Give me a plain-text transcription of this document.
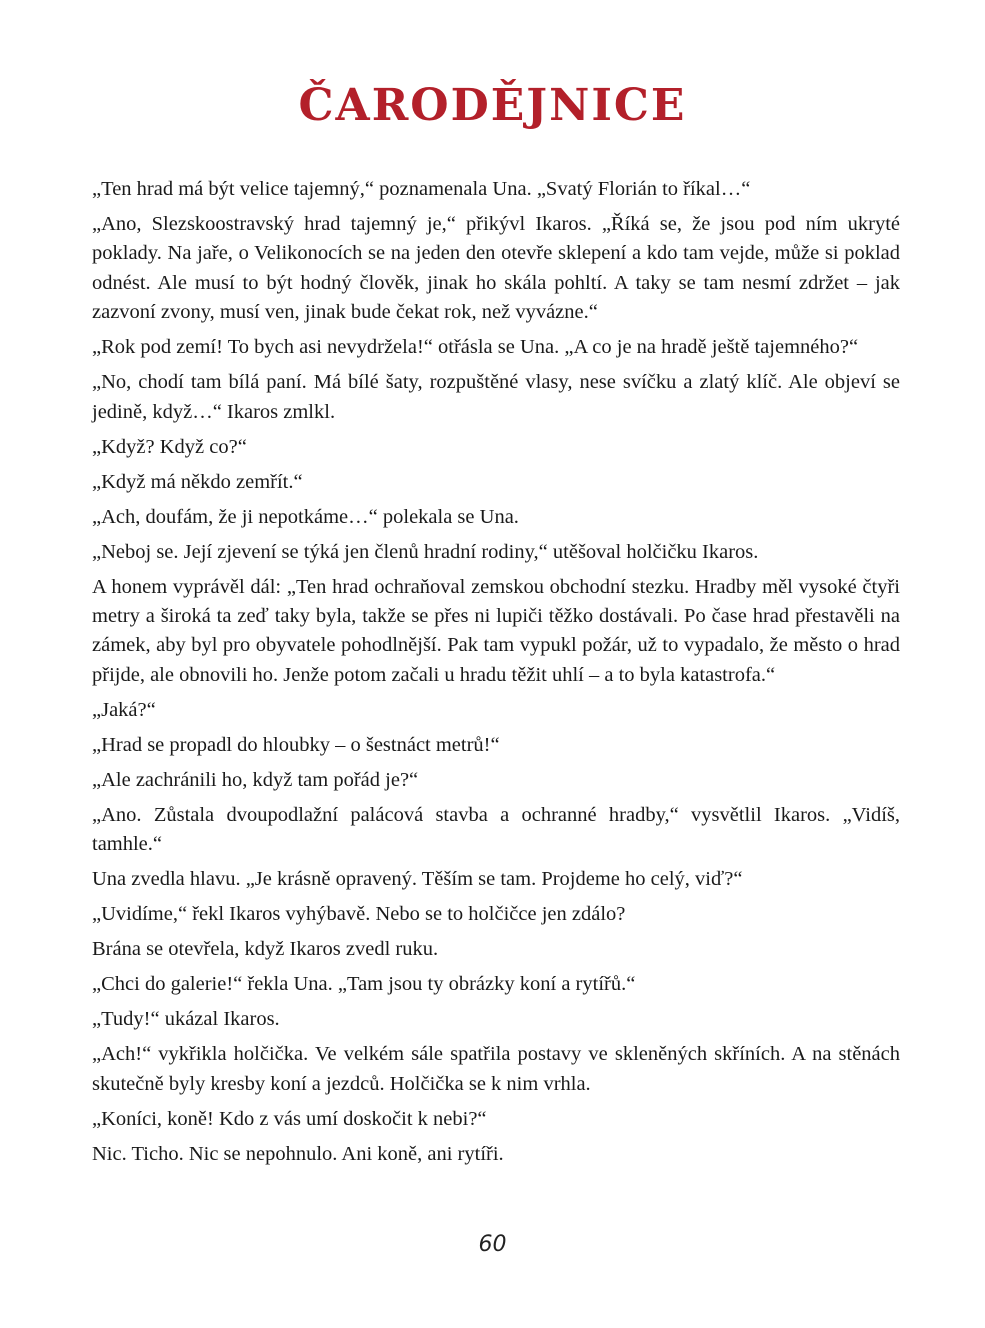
ČARODĚJNICE

„Ten hrad má být velice tajemný,“ poznamenala Una. „Svatý Florián to říkal…“

„Ano, Slezskoostravský hrad tajemný je,“ přikývl Ikaros. „Říká se, že jsou pod ním ukryté poklady. Na jaře, o Velikonocích se na jeden den otevře sklepení a kdo tam vejde, může si poklad odnést. Ale musí to být hodný člověk, jinak ho skála pohltí. A taky se tam nesmí zdržet – jak zazvoní zvony, musí ven, jinak bude čekat rok, než vyvázne.“

„Rok pod zemí! To bych asi nevydržela!“ otřásla se Una. „A co je na hradě ještě tajemného?“

„No, chodí tam bílá paní. Má bílé šaty, rozpuštěné vlasy, nese svíčku a zlatý klíč. Ale objeví se jedině, když…“ Ikaros zmlkl.

„Když? Když co?“

„Když má někdo zemřít.“

„Ach, doufám, že ji nepotkáme…“ polekala se Una.

„Neboj se. Její zjevení se týká jen členů hradní rodiny,“ utěšoval holčičku Ikaros.

A honem vyprávěl dál: „Ten hrad ochraňoval zemskou obchodní stezku. Hradby měl vysoké čtyři metry a široká ta zeď taky byla, takže se přes ni lupiči těžko dostávali. Po čase hrad přestavěli na zámek, aby byl pro obyvatele pohodlnější. Pak tam vypukl požár, už to vypadalo, že město o hrad přijde, ale obnovili ho. Jenže potom začali u hradu těžit uhlí – a to byla katastrofa.“

„Jaká?“

„Hrad se propadl do hloubky – o šestnáct metrů!“

„Ale zachránili ho, když tam pořád je?“

„Ano. Zůstala dvoupodlažní palácová stavba a ochranné hradby,“ vysvětlil Ikaros. „Vidíš, tamhle.“

Una zvedla hlavu. „Je krásně opravený. Těším se tam. Projdeme ho celý, viď?“

„Uvidíme,“ řekl Ikaros vyhýbavě. Nebo se to holčičce jen zdálo?

Brána se otevřela, když Ikaros zvedl ruku.

„Chci do galerie!“ řekla Una. „Tam jsou ty obrázky koní a rytířů.“

„Tudy!“ ukázal Ikaros.

„Ach!“ vykřikla holčička. Ve velkém sále spatřila postavy ve skleněných skříních. A na stěnách skutečně byly kresby koní a jezdců. Holčička se k nim vrhla.

„Koníci, koně! Kdo z vás umí doskočit k nebi?“

Nic. Ticho. Nic se nepohnulo. Ani koně, ani rytíři.

60
